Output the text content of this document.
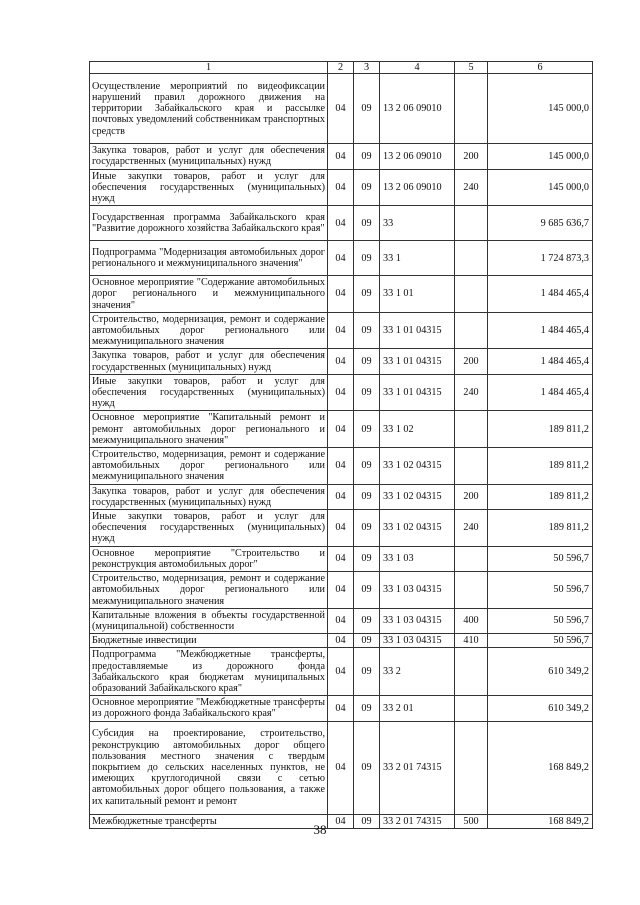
1	2	3	4	5	6
Осуществление мероприятий по видеофиксации нарушений правил дорожного движения на территории Забайкальского края и рассылке почтовых уведомлений собственникам транспортных средств	04	09	13 2 06 09010		145 000,0
Закупка товаров, работ и услуг для обеспечения государственных (муниципальных) нужд	04	09	13 2 06 09010	200	145 000,0
Иные закупки товаров, работ и услуг для обеспечения государственных (муниципальных) нужд	04	09	13 2 06 09010	240	145 000,0
Государственная программа Забайкальского края "Развитие дорожного хозяйства Забайкальского края"	04	09	33		9 685 636,7
Подпрограмма "Модернизация автомобильных дорог регионального и межмуниципального значения"	04	09	33 1		1 724 873,3
Основное мероприятие "Содержание автомобильных дорог регионального и межмуниципального значения"	04	09	33 1 01		1 484 465,4
Строительство, модернизация, ремонт и содержание автомобильных дорог регионального или межмуниципального значения	04	09	33 1 01 04315		1 484 465,4
Закупка товаров, работ и услуг для обеспечения государственных (муниципальных) нужд	04	09	33 1 01 04315	200	1 484 465,4
Иные закупки товаров, работ и услуг для обеспечения государственных (муниципальных) нужд	04	09	33 1 01 04315	240	1 484 465,4
Основное мероприятие "Капитальный ремонт и ремонт автомобильных дорог регионального и межмуниципального значения"	04	09	33 1 02		189 811,2
Строительство, модернизация, ремонт и содержание автомобильных дорог регионального или межмуниципального значения	04	09	33 1 02 04315		189 811,2
Закупка товаров, работ и услуг для обеспечения государственных (муниципальных) нужд	04	09	33 1 02 04315	200	189 811,2
Иные закупки товаров, работ и услуг для обеспечения государственных (муниципальных) нужд	04	09	33 1 02 04315	240	189 811,2
Основное мероприятие "Строительство и реконструкция автомобильных дорог"	04	09	33 1 03		50 596,7
Строительство, модернизация, ремонт и содержание автомобильных дорог регионального или межмуниципального значения	04	09	33 1 03 04315		50 596,7
Капитальные вложения в объекты государственной (муниципальной) собственности	04	09	33 1 03 04315	400	50 596,7
Бюджетные инвестиции	04	09	33 1 03 04315	410	50 596,7
Подпрограмма "Межбюджетные трансферты, предоставляемые из дорожного фонда Забайкальского края бюджетам муниципальных образований Забайкальского края"	04	09	33 2		610 349,2
Основное мероприятие "Межбюджетные трансферты из дорожного фонда Забайкальского края"	04	09	33 2 01		610 349,2
Субсидия на проектирование, строительство, реконструкцию автомобильных дорог общего пользования местного значения с твердым покрытием до сельских населенных пунктов, не имеющих круглогодичной связи с сетью автомобильных дорог общего пользования, а также их капитальный ремонт и ремонт	04	09	33 2 01 74315		168 849,2
Межбюджетные трансферты	04	09	33 2 01 74315	500	168 849,2
38
